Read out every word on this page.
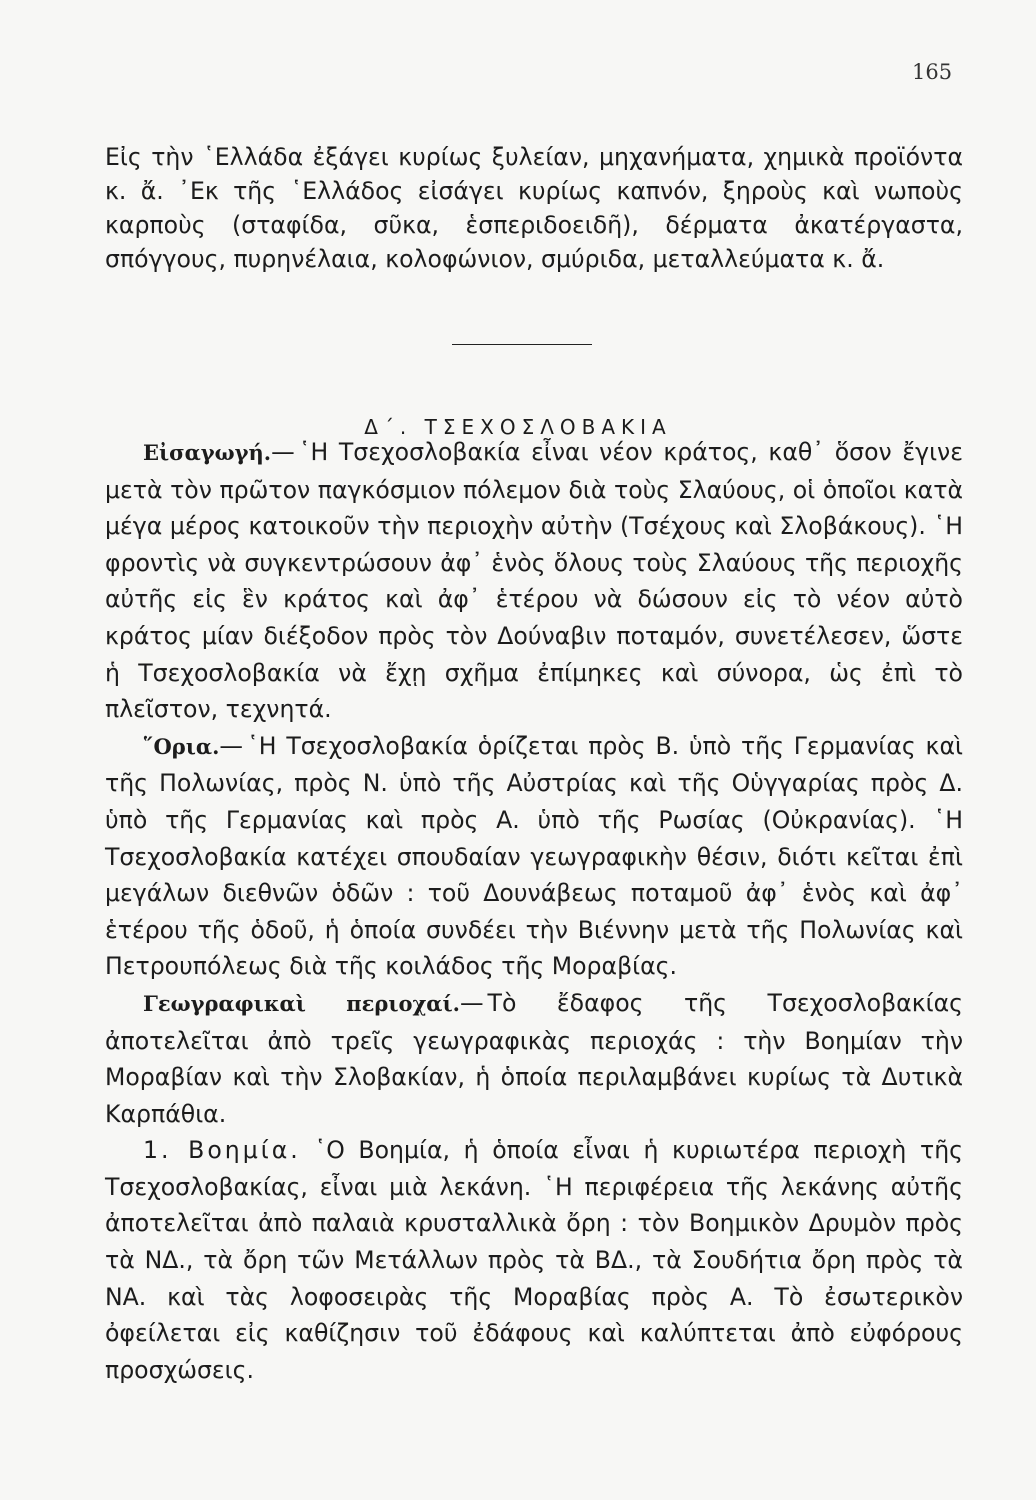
165

Εἰς τὴν ῾Ελλάδα ἐξάγει κυρίως ξυλείαν, μηχανήματα, χημικὰ προϊόντα κ. ἄ. ᾿Εκ τῆς ῾Ελλάδος εἰσάγει κυρίως καπνόν, ξηροὺς καὶ νωποὺς καρποὺς (σταφίδα, σῦκα, ἑσπεριδοειδῆ), δέρματα ἀκατέργαστα, σπόγγους, πυρηνέλαια, κολοφώνιον, σμύριδα, μεταλλεύματα κ. ἄ.

Δ΄. ΤΣΕΧΟΣΛΟΒΑΚΙΑ

Εἰσαγωγή.— ῾Η Τσεχοσλοβακία εἶναι νέον κράτος, καθ᾿ ὅσον ἔγινε μετὰ τὸν πρῶτον παγκόσμιον πόλεμον διὰ τοὺς Σλαύους, οἱ ὁποῖοι κατὰ μέγα μέρος κατοικοῦν τὴν περιοχὴν αὐτὴν (Τσέχους καὶ Σλοβάκους). ῾Η φροντὶς νὰ συγκεντρώσουν ἀφ᾿ ἑνὸς ὅλους τοὺς Σλαύους τῆς περιοχῆς αὐτῆς εἰς ἓν κράτος καὶ ἀφ᾿ ἑτέρου νὰ δώσουν εἰς τὸ νέον αὐτὸ κράτος μίαν διέξοδον πρὸς τὸν Δούναβιν ποταμόν, συνετέλεσεν, ὥστε ἡ Τσεχοσλοβακία νὰ ἔχῃ σχῆμα ἐπίμηκες καὶ σύνορα, ὡς ἐπὶ τὸ πλεῖστον, τεχνητά.

῞Ορια.— ῾Η Τσεχοσλοβακία ὁρίζεται πρὸς Β. ὑπὸ τῆς Γερμανίας καὶ τῆς Πολωνίας, πρὸς Ν. ὑπὸ τῆς Αὐστρίας καὶ τῆς Οὑγγαρίας πρὸς Δ. ὑπὸ τῆς Γερμανίας καὶ πρὸς Α. ὑπὸ τῆς Ρωσίας (Οὐκρανίας). ῾Η Τσεχοσλοβακία κατέχει σπουδαίαν γεωγραφικὴν θέσιν, διότι κεῖται ἐπὶ μεγάλων διεθνῶν ὁδῶν : τοῦ Δουνάβεως ποταμοῦ ἀφ᾿ ἑνὸς καὶ ἀφ᾿ ἑτέρου τῆς ὁδοῦ, ἡ ὁποία συνδέει τὴν Βιέννην μετὰ τῆς Πολωνίας καὶ Πετρουπόλεως διὰ τῆς κοιλάδος τῆς Μοραβίας.

Γεωγραφικαὶ περιοχαί.— Τὸ ἔδαφος τῆς Τσεχοσλοβακίας ἀποτελεῖται ἀπὸ τρεῖς γεωγραφικὰς περιοχάς : τὴν Βοημίαν τὴν Μοραβίαν καὶ τὴν Σλοβακίαν, ἡ ὁποία περιλαμβάνει κυρίως τὰ Δυτικὰ Καρπάθια.

1. Βοημία. ῾Ο Βοημία, ἡ ὁποία εἶναι ἡ κυριωτέρα περιοχὴ τῆς Τσεχοσλοβακίας, εἶναι μιὰ λεκάνη. ῾Η περιφέρεια τῆς λεκάνης αὐτῆς ἀποτελεῖται ἀπὸ παλαιὰ κρυσταλλικὰ ὄρη : τὸν Βοημικὸν Δρυμὸν πρὸς τὰ ΝΔ., τὰ ὄρη τῶν Μετάλλων πρὸς τὰ ΒΔ., τὰ Σουδήτια ὄρη πρὸς τὰ ΝΑ. καὶ τὰς λοφοσειρὰς τῆς Μοραβίας πρὸς Α. Τὸ ἐσωτερικὸν ὀφείλεται εἰς καθίζησιν τοῦ ἐδάφους καὶ καλύπτεται ἀπὸ εὐφόρους προσχώσεις.
